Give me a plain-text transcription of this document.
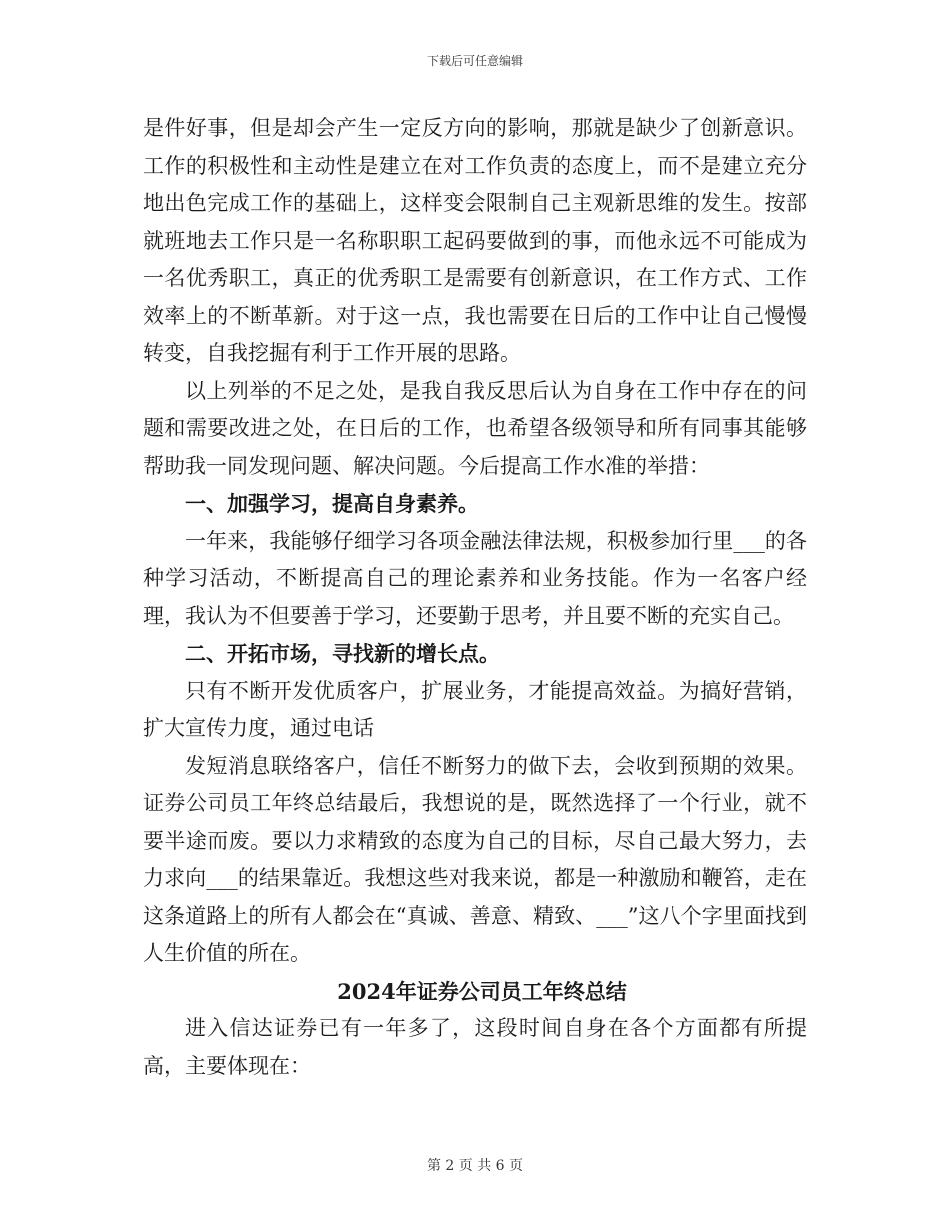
下载后可任意编辑

是件好事，但是却会产生一定反方向的影响，那就是缺少了创新意识。工作的积极性和主动性是建立在对工作负责的态度上，而不是建立充分地出色完成工作的基础上，这样变会限制自己主观新思维的发生。按部就班地去工作只是一名称职职工起码要做到的事，而他永远不可能成为一名优秀职工，真正的优秀职工是需要有创新意识，在工作方式、工作效率上的不断革新。对于这一点，我也需要在日后的工作中让自己慢慢转变，自我挖掘有利于工作开展的思路。

以上列举的不足之处，是我自我反思后认为自身在工作中存在的问题和需要改进之处，在日后的工作，也希望各级领导和所有同事其能够帮助我一同发现问题、解决问题。今后提高工作水准的举措：

一、加强学习，提高自身素养。

一年来，我能够仔细学习各项金融法律法规，积极参加行里___的各种学习活动，不断提高自己的理论素养和业务技能。作为一名客户经理，我认为不但要善于学习，还要勤于思考，并且要不断的充实自己。

二、开拓市场，寻找新的增长点。

只有不断开发优质客户，扩展业务，才能提高效益。为搞好营销，扩大宣传力度，通过电话

发短消息联络客户，信任不断努力的做下去，会收到预期的效果。证券公司员工年终总结最后，我想说的是，既然选择了一个行业，就不要半途而废。要以力求精致的态度为自己的目标，尽自己最大努力，去力求向___的结果靠近。我想这些对我来说，都是一种激励和鞭笞，走在这条道路上的所有人都会在“真诚、善意、精致、___”这八个字里面找到人生价值的所在。

2024年证券公司员工年终总结

进入信达证券已有一年多了，这段时间自身在各个方面都有所提高，主要体现在：

第 2 页 共 6 页
